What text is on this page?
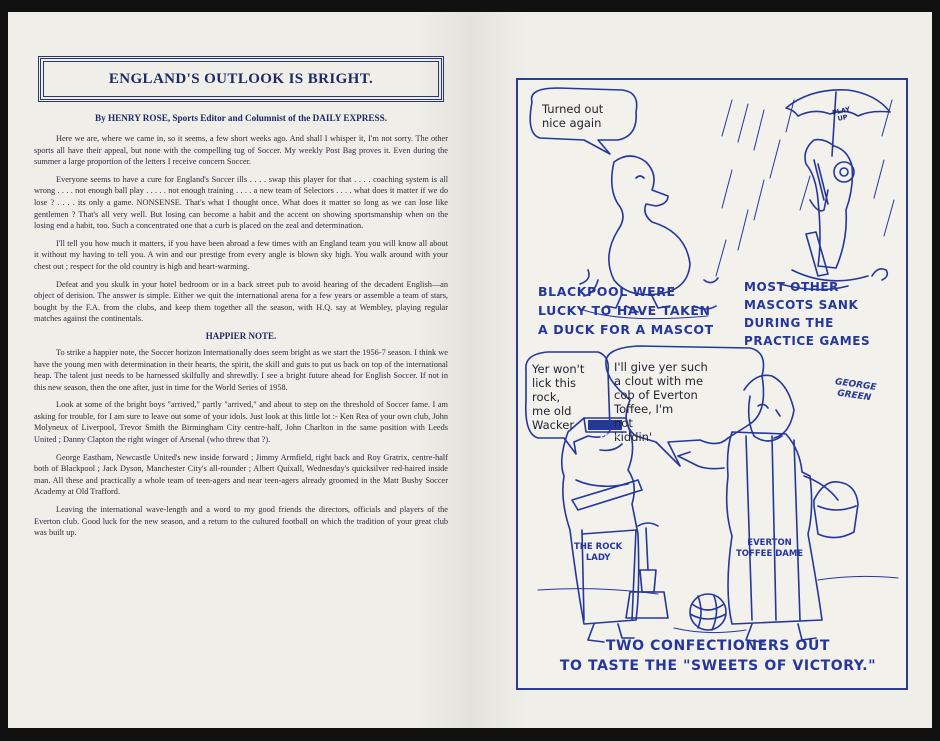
ENGLAND'S OUTLOOK IS BRIGHT.
By HENRY ROSE, Sports Editor and Columnist of the DAILY EXPRESS.

Here we are, where we came in, so it seems, a few short weeks ago. And shall I whisper it, I'm not sorry. The other sports all have their appeal, but none with the compelling tug of Soccer. My weekly Post Bag proves it. Even during the summer a large proportion of the letters I receive concern Soccer.

Everyone seems to have a cure for England's Soccer ills . . . . swap this player for that . . . . coaching system is all wrong . . . . not enough ball play . . . . . not enough training . . . . a new team of Selectors . . . . what does it matter if we do lose ? . . . . its only a game. NONSENSE. That's what I thought once. What does it matter so long as we can lose like gentlemen ? That's all very well. But losing can become a habit and the accent on showing sportsmanship when on the losing end a habit, too. Such a concentrated one that a curb is placed on the zeal and determination.

I'll tell you how much it matters, if you have been abroad a few times with an England team you will know all about it without my having to tell you. A win and our prestige from every angle is blown sky high. You walk around with your chest out ; respect for the old country is high and heart-warming.

Defeat and you skulk in your hotel bedroom or in a back street pub to avoid hearing of the decadent English—an object of derision. The answer is simple. Either we quit the international arena for a few years or assemble a team of stars, bought by the F.A. from the clubs, and keep them together all the season, with H.Q. say at Wembley, playing regular matches against the continentals.

HAPPIER NOTE.

To strike a happier note, the Soccer horizon Internationally does seem bright as we start the 1956-7 season. I think we have the young men with determination in their hearts, the spirit, the skill and guts to put us back on top of the international heap. The talent just needs to be harnessed skilfully and shrewdly. I see a bright future ahead for English Soccer. If not in this new season, then the one after, just in time for the World Series of 1958.

Look at some of the bright boys "arrived," partly "arrived," and about to step on the threshold of Soccer fame. I am asking for trouble, for I am sure to leave out some of your idols. Just look at this little lot :- Ken Rea of your own club, John Molyneux of Liverpool, Trevor Smith the Birmingham City centre-half, John Charlton in the same position with Leeds United ; Danny Clapton the right winger of Arsenal (who threw that ?).

George Eastham, Newcastle United's new inside forward ; Jimmy Armfield, right back and Roy Gratrix, centre-half both of Blackpool ; Jack Dyson, Manchester City's all-rounder ; Albert Quixall, Wednesday's quicksilver red-haired inside man. All these and practically a whole team of teen-agers and near teen-agers already groomed in the Matt Busby Soccer Academy at Old Trafford.

Leaving the international wave-length and a word to my good friends the directors, officials and players of the Everton club. Good luck for the new season, and a return to the cultured football on which the tradition of your great club was built up.

Turned out
nice again
PLAY UP
BLACKPOOL WERE
LUCKY TO HAVE TAKEN
A DUCK FOR A MASCOT
MOST OTHER
MASCOTS SANK
DURING THE
PRACTICE GAMES
Yer won't
lick this
rock,
me old
Wacker
I'll give yer such
a clout with me
cob of Everton
Toffee, I'm
not
kiddin'
POOL
GEORGE
GREEN
THE ROCK
LADY
EVERTON
TOFFEE DAME
TWO CONFECTIONERS OUT
TO TASTE THE "SWEETS OF VICTORY."
